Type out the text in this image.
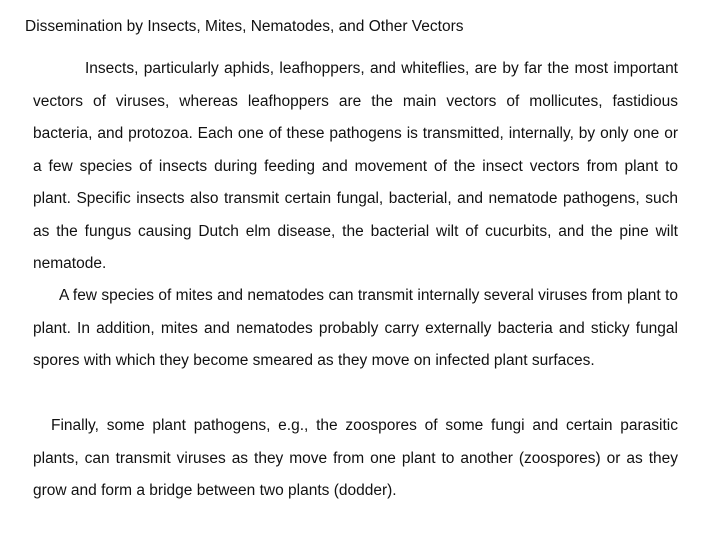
Dissemination by Insects, Mites, Nematodes, and Other Vectors

Insects, particularly aphids, leafhoppers, and whiteflies, are by far the most important vectors of viruses, whereas leafhoppers are the main vectors of mollicutes, fastidious bacteria, and protozoa. Each one of these pathogens is transmitted, internally, by only one or a few species of insects during feeding and movement of the insect vectors from plant to plant. Specific insects also transmit certain fungal, bacterial, and nematode pathogens, such as the fungus causing Dutch elm disease, the bacterial wilt of cucurbits, and the pine wilt nematode.

A few species of mites and nematodes can transmit internally several viruses from plant to plant. In addition, mites and nematodes probably carry externally bacteria and sticky fungal spores with which they become smeared as they move on infected plant surfaces.

Finally, some plant pathogens, e.g., the zoospores of some fungi and certain parasitic plants, can transmit viruses as they move from one plant to another (zoospores) or as they grow and form a bridge between two plants (dodder).
